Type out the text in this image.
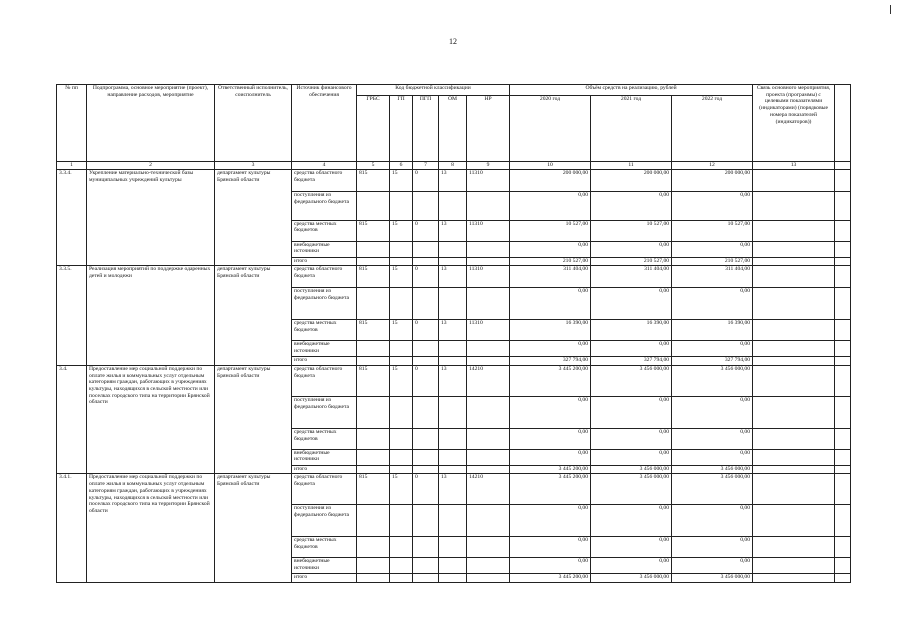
12
№ пп	Подпрограмма, основное мероприятие (проект), направление расходов, мероприятие	Ответственный исполнитель, соисполнитель	Источник финансового обеспечения	Код бюджетной классификации					Объём средств на реализацию, рублей			Связь основного мероприятия, проекта (программы) с целевыми показателями (индикаторами) (порядковые номера показателей (индикаторов))	
				ГРБС	ГП	ПГП	ОМ	НР	2020 год	2021 год	2022 год		
1	2	3	4	5	6	7	8	9	10	11	12	13	
3.3.4.	Укрепление материально-технической базы муниципальных учреждений культуры	департамент культуры Брянской области	средства областного бюджета	815	15	0	13	11310	200 000,00	200 000,00	200 000,00		
			поступления из федерального бюджета						0,00	0,00	0,00		
			средства местных бюджетов	815	15	0	13	11310	10 527,00	10 527,00	10 527,00		
			внебюджетные источники						0,00	0,00	0,00		
			итого						210 527,00	210 527,00	210 527,00		
3.3.5.	Реализация мероприятий по поддержке одаренных детей и молодежи	департамент культуры Брянской области	средства областного бюджета	815	15	0	13	11310	311 404,00	311 404,00	311 404,00		
			поступления из федерального бюджета						0,00	0,00	0,00		
			средства местных бюджетов	815	15	0	13	11310	16 390,00	16 390,00	16 390,00		
			внебюджетные источники						0,00	0,00	0,00		
			итого						327 794,00	327 794,00	327 794,00		
3.4.	Предоставление мер социальной поддержки по оплате жилья и коммунальных услуг отдельным категориям граждан, работающих в учреждениях культуры, находящихся в сельской местности или поселках городского типа на территории Брянской области	департамент культуры Брянской области	средства областного бюджета	815	15	0	13	14210	3 445 200,00	3 456 000,00	3 456 000,00		
			поступления из федерального бюджета						0,00	0,00	0,00		
			средства местных бюджетов						0,00	0,00	0,00		
			внебюджетные источники						0,00	0,00	0,00		
			итого						3 445 200,00	3 456 000,00	3 456 000,00		
3.4.1.	Предоставление мер социальной поддержки по оплате жилья и коммунальных услуг отдельным категориям граждан, работающих в учреждениях культуры, находящихся в сельской местности или поселках городского типа на территории Брянской области	департамент культуры Брянской области	средства областного бюджета	815	15	0	13	14210	3 445 200,00	3 456 000,00	3 456 000,00		
			поступления из федерального бюджета						0,00	0,00	0,00		
			средства местных бюджетов						0,00	0,00	0,00		
			внебюджетные источники						0,00	0,00	0,00		
			итого						3 445 200,00	3 456 000,00	3 456 000,00		
